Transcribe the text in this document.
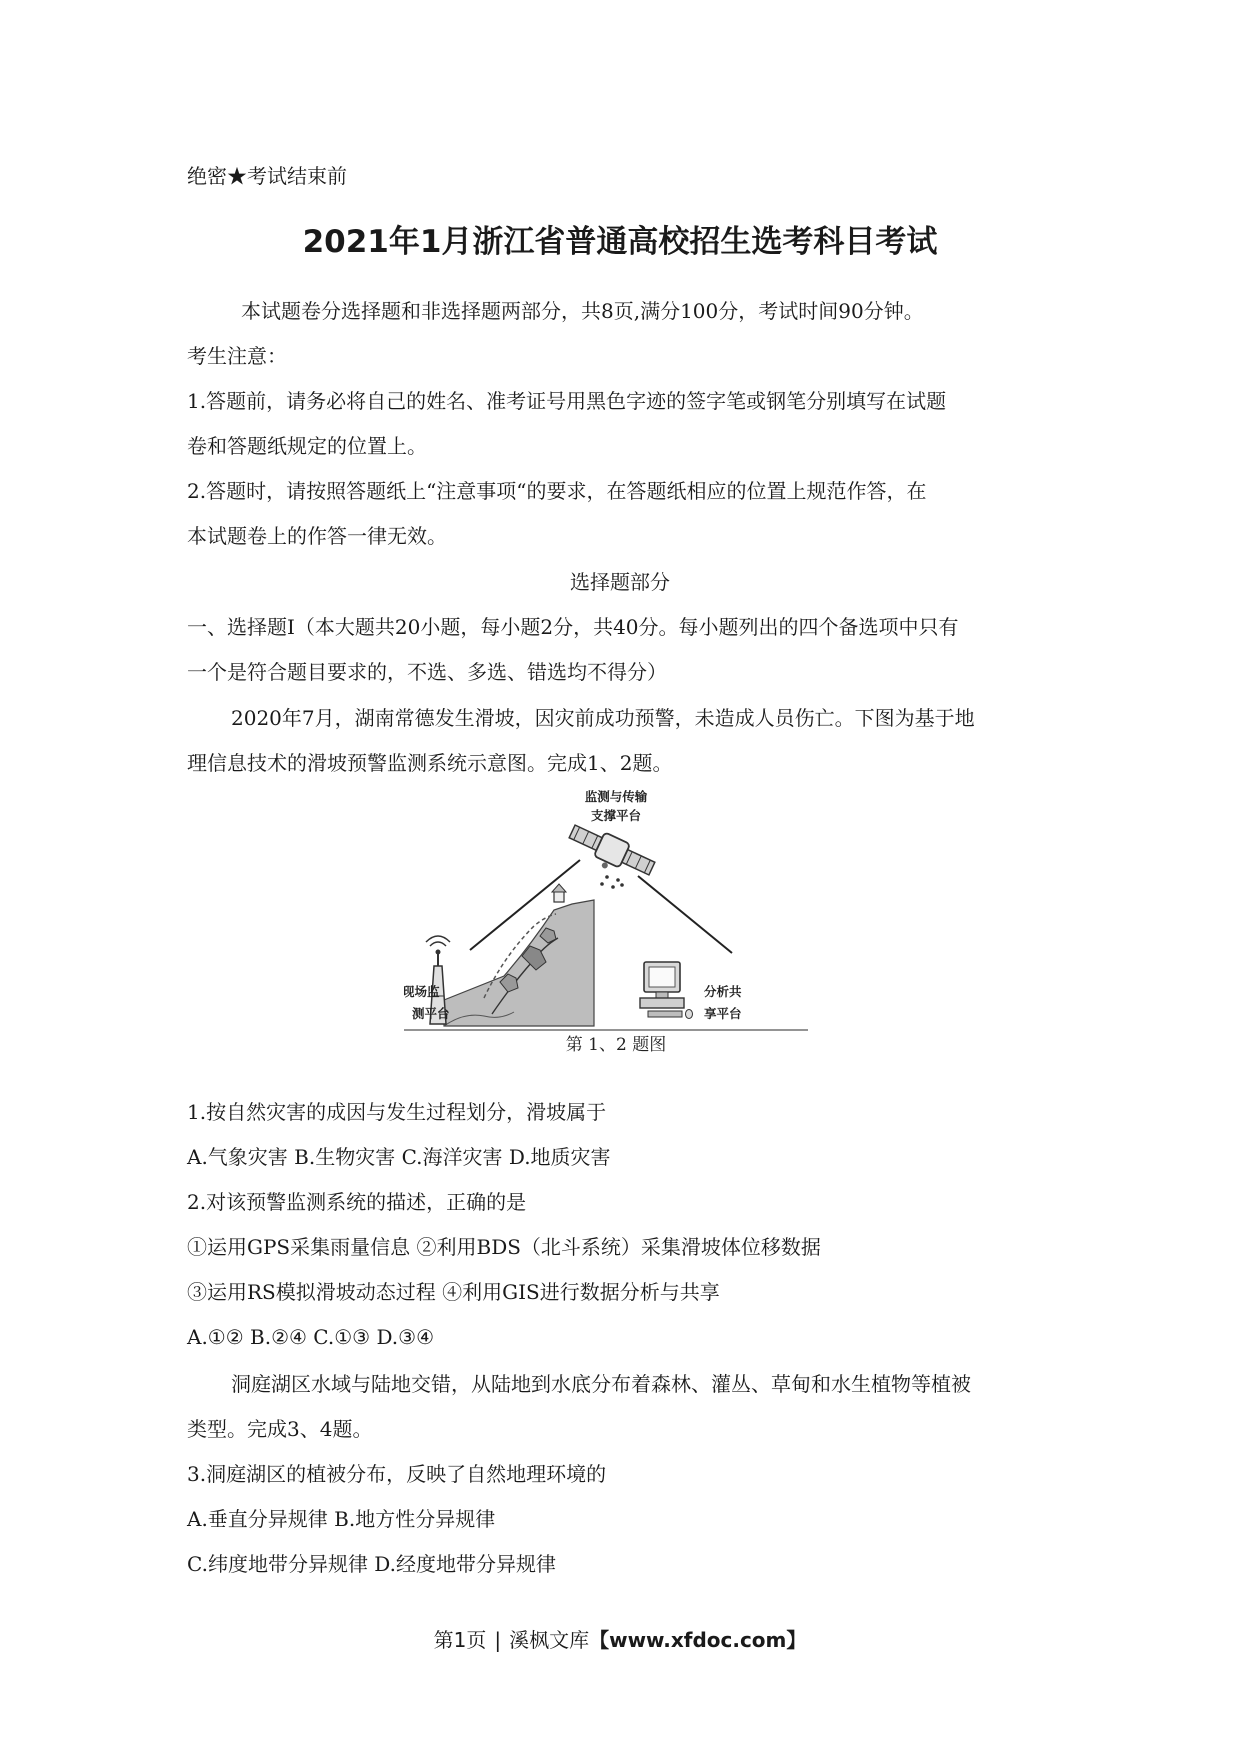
绝密★考试结束前
2021年1月浙江省普通高校招生选考科目考试
本试题卷分选择题和非选择题两部分，共8页,满分100分，考试时间90分钟。
考生注意：
1.答题前，请务必将自己的姓名、准考证号用黑色字迹的签字笔或钢笔分别填写在试题
卷和答题纸规定的位置上。
2.答题时，请按照答题纸上“注意事项“的要求，在答题纸相应的位置上规范作答，在
本试题卷上的作答一律无效。
选择题部分
一、选择题Ⅰ（本大题共20小题，每小题2分，共40分。每小题列出的四个备选项中只有
一个是符合题目要求的，不选、多选、错选均不得分）
2020年7月，湖南常德发生滑坡，因灾前成功预警，未造成人员伤亡。下图为基于地
理信息技术的滑坡预警监测系统示意图。完成1、2题。
监测与传输
支撑平台
现场监
测平台
分析共
享平台
第 1、2 题图
1.按自然灾害的成因与发生过程划分，滑坡属于
A.气象灾害 B.生物灾害 C.海洋灾害 D.地质灾害
2.对该预警监测系统的描述，正确的是
①运用GPS采集雨量信息 ②利用BDS（北斗系统）采集滑坡体位移数据
③运用RS模拟滑坡动态过程 ④利用GIS进行数据分析与共享
A.①② B.②④ C.①③ D.③④
洞庭湖区水域与陆地交错，从陆地到水底分布着森林、灌丛、草甸和水生植物等植被
类型。完成3、4题。
3.洞庭湖区的植被分布，反映了自然地理环境的
A.垂直分异规律 B.地方性分异规律
C.纬度地带分异规律 D.经度地带分异规律
第1页 | 溪枫文库【www.xfdoc.com】
